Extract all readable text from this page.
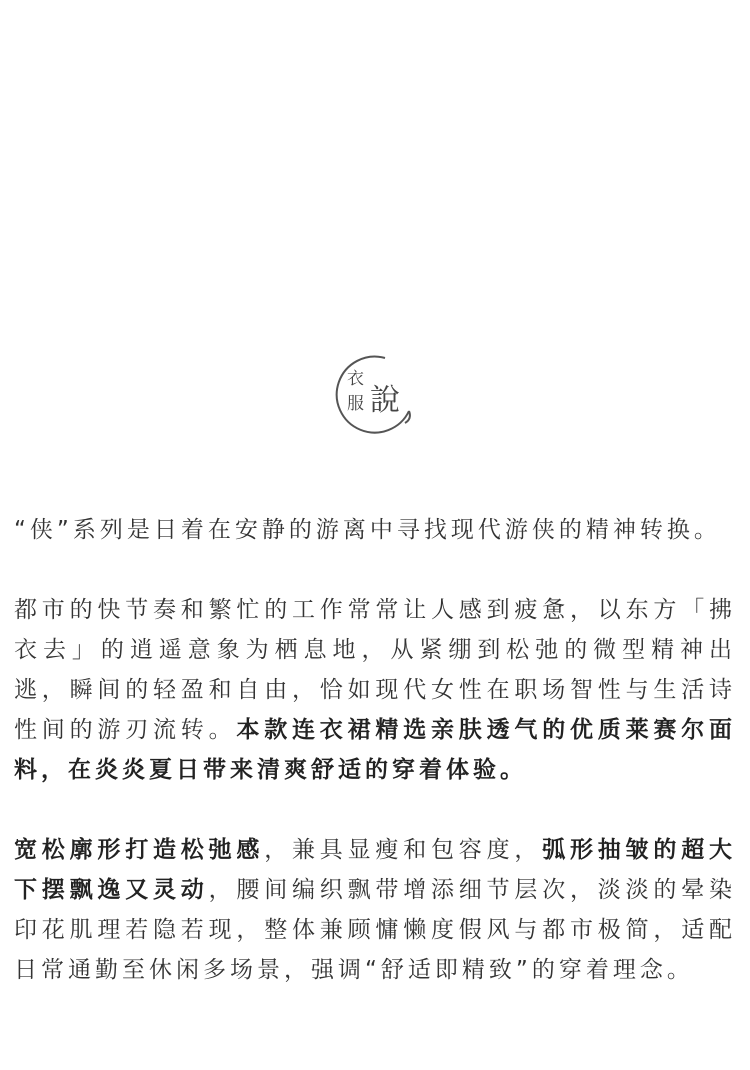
衣
服 說

“侠”系列是日着在安静的游离中寻找现代游侠的精神转换。

都市的快节奏和繁忙的工作常常让人感到疲惫，以东方「拂衣去」的逍遥意象为栖息地，从紧绷到松弛的微型精神出逃，瞬间的轻盈和自由，恰如现代女性在职场智性与生活诗性间的游刃流转。本款连衣裙精选亲肤透气的优质莱赛尔面料，在炎炎夏日带来清爽舒适的穿着体验。

宽松廓形打造松弛感，兼具显瘦和包容度，弧形抽皱的超大下摆飘逸又灵动，腰间编织飘带增添细节层次，淡淡的晕染印花肌理若隐若现，整体兼顾慵懒度假风与都市极简，适配日常通勤至休闲多场景，强调“舒适即精致”的穿着理念。
